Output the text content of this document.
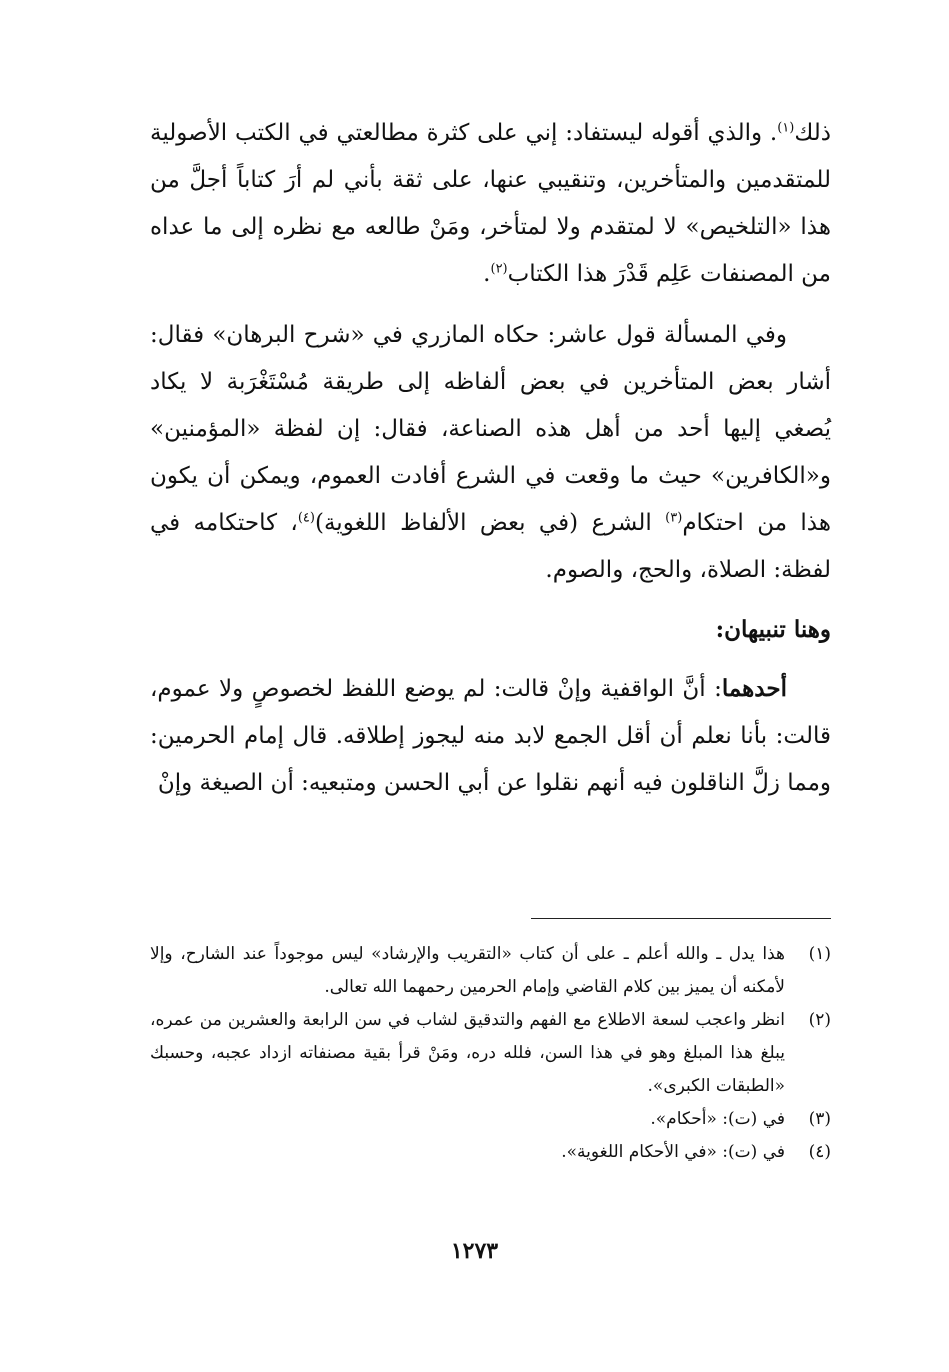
ذلك$^{(١)}$. والذي أقوله ليستفاد: إني على كثرة مطالعتي في الكتب الأصولية للمتقدمين والمتأخرين، وتنقيبي عنها، على ثقة بأني لم أرَ كتاباً أجلَّ من هذا «التلخيص» لا لمتقدم ولا لمتأخر، ومَنْ طالعه مع نظره إلى ما عداه من المصنفات عَلِم قَدْرَ هذا الكتاب$^{(٢)}$.

وفي المسألة قول عاشر: حكاه المازري في «شرح البرهان» فقال: أشار بعض المتأخرين في بعض ألفاظه إلى طريقة مُسْتَغْرَبة لا يكاد يُصغي إليها أحد من أهل هذه الصناعة، فقال: إن لفظة «المؤمنين» و«الكافرين» حيث ما وقعت في الشرع أفادت العموم، ويمكن أن يكون هذا من احتكام$^{(٣)}$ الشرع (في بعض الألفاظ اللغوية)$^{(٤)}$، كاحتكامه في لفظة: الصلاة، والحج، والصوم.

وهنا تنبيهان:

أحدهما: أنَّ الواقفية وإنْ قالت: لم يوضع اللفظ لخصوصٍ ولا عموم، قالت: بأنا نعلم أن أقل الجمع لابد منه ليجوز إطلاقه. قال إمام الحرمين: ومما زلَّ الناقلون فيه أنهم نقلوا عن أبي الحسن ومتبعيه: أن الصيغة وإنْ

(١)
هذا يدل ـ والله أعلم ـ على أن كتاب «التقريب والإرشاد» ليس موجوداً عند الشارح، وإلا لأمكنه أن يميز بين كلام القاضي وإمام الحرمين رحمهما الله تعالى.

(٢)
انظر واعجب لسعة الاطلاع مع الفهم والتدقيق لشاب في سن الرابعة والعشرين من عمره، يبلغ هذا المبلغ وهو في هذا السن، فلله دره، ومَنْ قرأ بقية مصنفاته ازداد عجبه، وحسبك «الطبقات الكبرى».

(٣)
في (ت): «أحكام».

(٤)
في (ت): «في الأحكام اللغوية».

١٢٧٣
